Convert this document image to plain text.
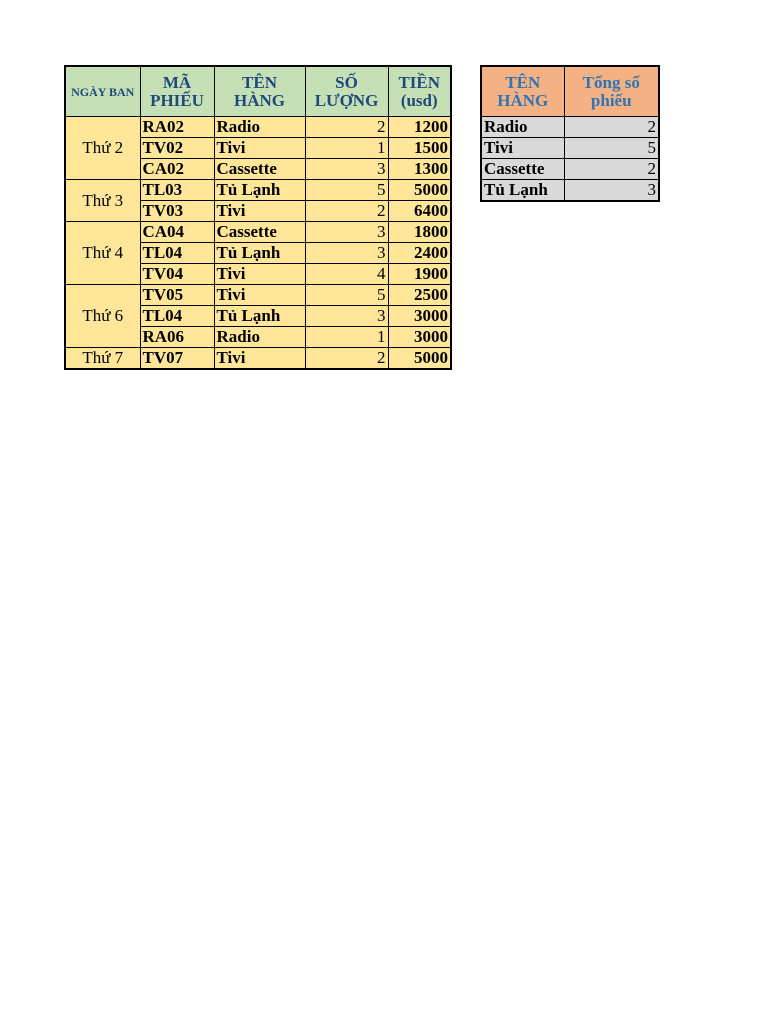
NGÀY BAN	MÃ PHIẾU	TÊN HÀNG	SỐ LƯỢNG	TIỀN (usd)
Thứ 2	RA02	Radio	2	1200
	TV02	Tivi	1	1500
	CA02	Cassette	3	1300
Thứ 3	TL03	Tủ Lạnh	5	5000
	TV03	Tivi	2	6400
Thứ 4	CA04	Cassette	3	1800
	TL04	Tủ Lạnh	3	2400
	TV04	Tivi	4	1900
Thứ 6	TV05	Tivi	5	2500
	TL04	Tủ Lạnh	3	3000
	RA06	Radio	1	3000
Thứ 7	TV07	Tivi	2	5000
TÊN HÀNG	Tổng số phiếu
Radio	2
Tivi	5
Cassette	2
Tủ Lạnh	3
